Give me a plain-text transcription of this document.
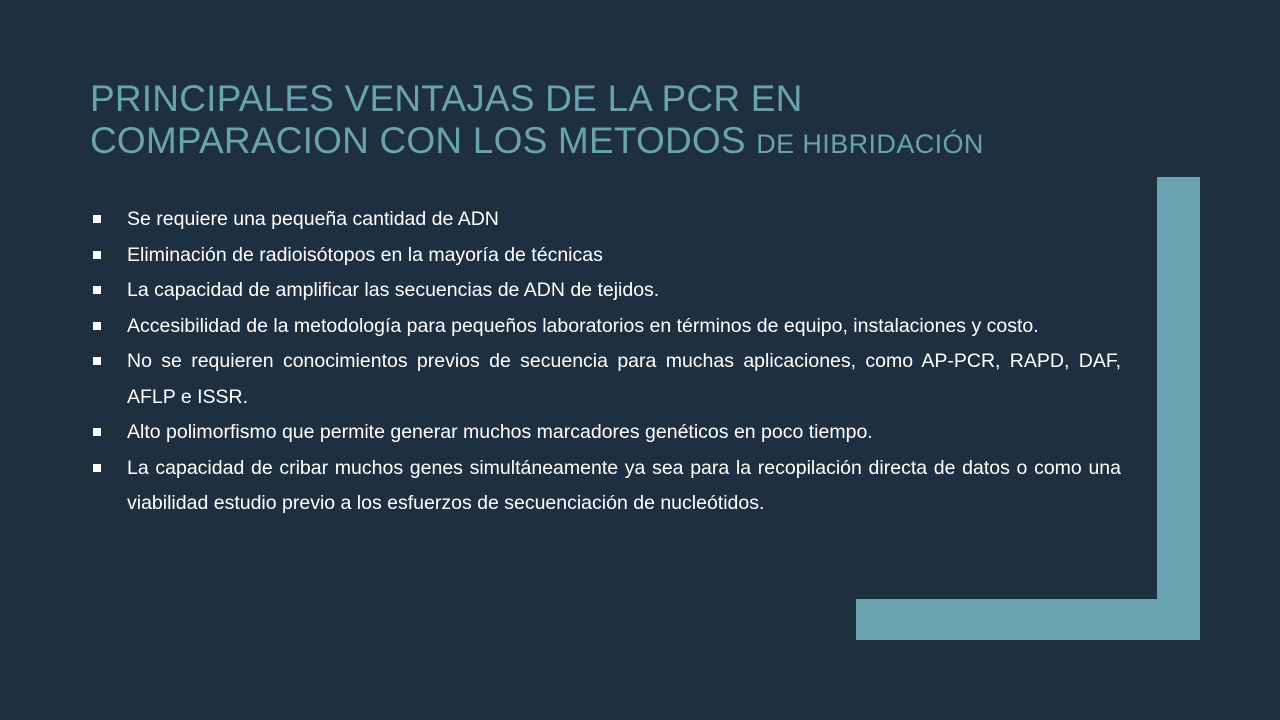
PRINCIPALES VENTAJAS DE LA PCR EN COMPARACION CON LOS METODOS DE HIBRIDACIÓN
Se requiere una pequeña cantidad de ADN
Eliminación de radioisótopos en la mayoría de técnicas
La capacidad de amplificar las secuencias de ADN de tejidos.
Accesibilidad de la metodología para pequeños laboratorios en términos de equipo, instalaciones y costo.
No se requieren conocimientos previos de secuencia para muchas aplicaciones, como AP-PCR, RAPD, DAF, AFLP e ISSR.
Alto polimorfismo que permite generar muchos marcadores genéticos en poco tiempo.
La capacidad de cribar muchos genes simultáneamente ya sea para la recopilación directa de datos o como una viabilidad estudio previo a los esfuerzos de secuenciación de nucleótidos.
